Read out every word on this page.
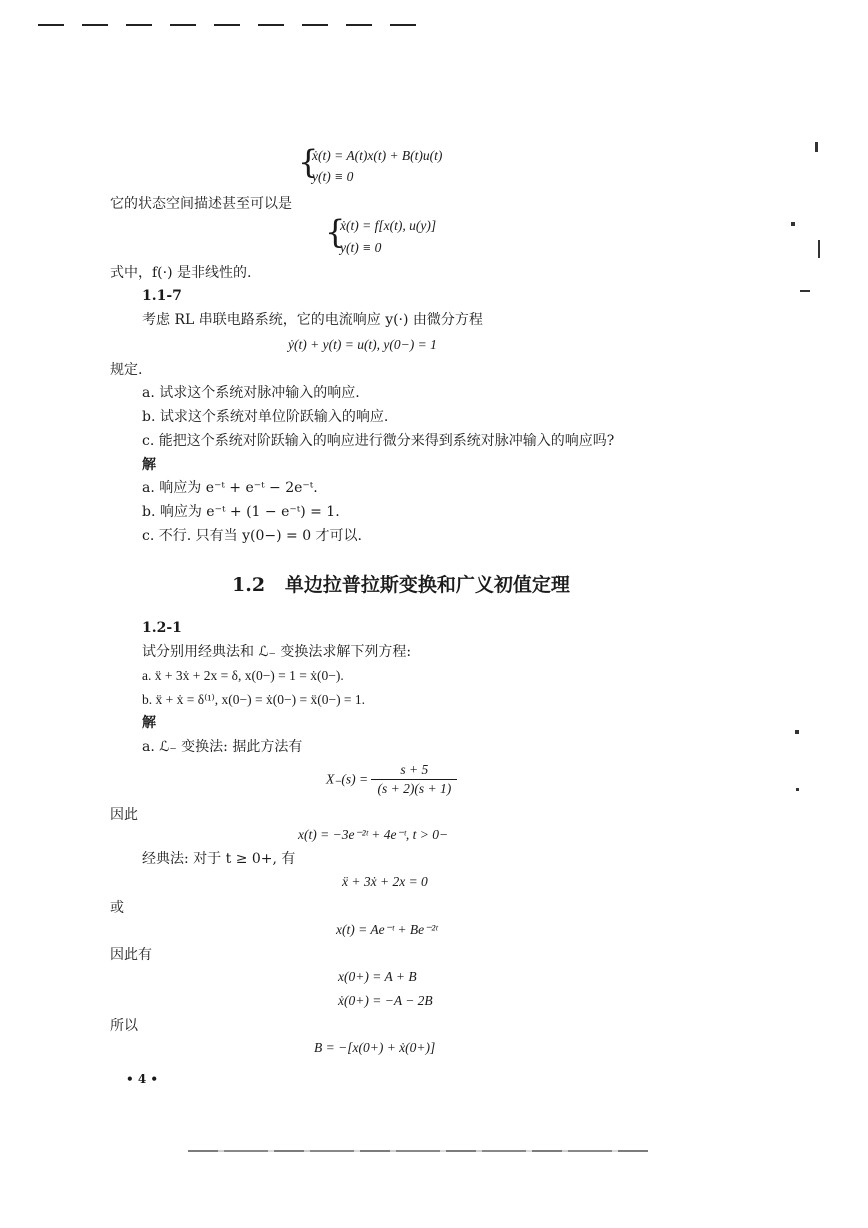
{
ẋ(t) = A(t)x(t) + B(t)u(t)
y(t) ≡ 0
它的状态空间描述甚至可以是
{
ẋ(t) = f[x(t), u(y)]
y(t) ≡ 0
式中，f(·) 是非线性的.
1.1-7
考虑 RL 串联电路系统，它的电流响应 y(·) 由微分方程
ẏ(t) + y(t) = u(t), y(0−) = 1
规定.
a. 试求这个系统对脉冲输入的响应.
b. 试求这个系统对单位阶跃输入的响应.
c. 能把这个系统对阶跃输入的响应进行微分来得到系统对脉冲输入的响应吗?
解
a. 响应为 e⁻ᵗ + e⁻ᵗ − 2e⁻ᵗ.
b. 响应为 e⁻ᵗ + (1 − e⁻ᵗ) = 1.
c. 不行. 只有当 y(0−) = 0 才可以.
1.2 单边拉普拉斯变换和广义初值定理
1.2-1
试分别用经典法和 ℒ₋ 变换法求解下列方程:
a. ẍ + 3ẋ + 2x = δ, x(0−) = 1 = ẋ(0−).
b. ẍ + ẋ = δ⁽¹⁾, x(0−) = ẋ(0−) = ẍ(0−) = 1.
解
a. ℒ₋ 变换法: 据此方法有
$X_-(s) = \frac{s + 5}{(s + 2)(s + 1)}$
因此
x(t) = −3e⁻²ᵗ + 4e⁻ᵗ, t > 0−
经典法: 对于 t ≥ 0+, 有
ẍ + 3ẋ + 2x = 0
或
x(t) = Ae⁻ᵗ + Be⁻²ᵗ
因此有
x(0+) = A + B
ẋ(0+) = −A − 2B
所以
B = −[x(0+) + ẋ(0+)]
• 4 •
